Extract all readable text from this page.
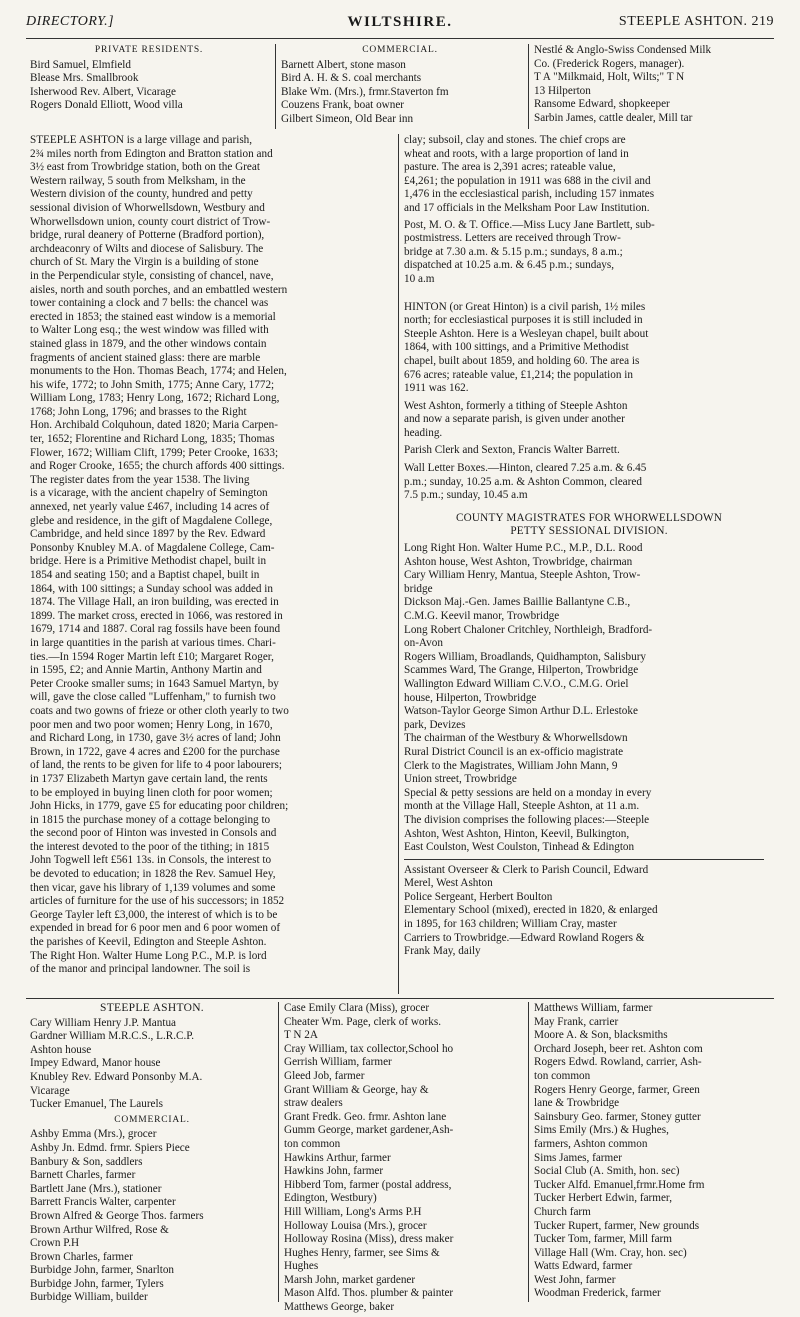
DIRECTORY.]	WILTSHIRE.	STEEPLE ASHTON. 219
PRIVATE RESIDENTS.

Bird Samuel, Elmfield

Blease Mrs. Smallbrook

Isherwood Rev. Albert, Vicarage

Rogers Donald Elliott, Wood villa

COMMERCIAL.

Barnett Albert, stone mason

Bird A. H. & S. coal merchants

Blake Wm. (Mrs.), frmr.Staverton fm

Couzens Frank, boat owner

Gilbert Simeon, Old Bear inn

Nestlé & Anglo-Swiss Condensed Milk

Co. (Frederick Rogers, manager).

T A "Milkmaid, Holt, Wilts;" T N

13 Hilperton

Ransome Edward, shopkeeper

Sarbin James, cattle dealer, Mill tar

STEEPLE ASHTON is a large village and parish,

2¾ miles north from Edington and Bratton station and

3½ east from Trowbridge station, both on the Great

Western railway, 5 south from Melksham, in the

Western division of the county, hundred and petty

sessional division of Whorwellsdown, Westbury and

Whorwellsdown union, county court district of Trow-

bridge, rural deanery of Potterne (Bradford portion),

archdeaconry of Wilts and diocese of Salisbury. The

church of St. Mary the Virgin is a building of stone

in the Perpendicular style, consisting of chancel, nave,

aisles, north and south porches, and an embattled western

tower containing a clock and 7 bells: the chancel was

erected in 1853; the stained east window is a memorial

to Walter Long esq.; the west window was filled with

stained glass in 1879, and the other windows contain

fragments of ancient stained glass: there are marble

monuments to the Hon. Thomas Beach, 1774; and Helen,

his wife, 1772; to John Smith, 1775; Anne Cary, 1772;

William Long, 1783; Henry Long, 1672; Richard Long,

1768; John Long, 1796; and brasses to the Right

Hon. Archibald Colquhoun, dated 1820; Maria Carpen-

ter, 1652; Florentine and Richard Long, 1835; Thomas

Flower, 1672; William Clift, 1799; Peter Crooke, 1633;

and Roger Crooke, 1655; the church affords 400 sittings.

The register dates from the year 1538. The living

is a vicarage, with the ancient chapelry of Semington

annexed, net yearly value £467, including 14 acres of

glebe and residence, in the gift of Magdalene College,

Cambridge, and held since 1897 by the Rev. Edward

Ponsonby Knubley M.A. of Magdalene College, Cam-

bridge. Here is a Primitive Methodist chapel, built in

1854 and seating 150; and a Baptist chapel, built in

1864, with 100 sittings; a Sunday school was added in

1874. The Village Hall, an iron building, was erected in

1899. The market cross, erected in 1066, was restored in

1679, 1714 and 1887. Coral rag fossils have been found

in large quantities in the parish at various times. Chari-

ties.—In 1594 Roger Martin left £10; Margaret Roger,

in 1595, £2; and Annie Martin, Anthony Martin and

Peter Crooke smaller sums; in 1643 Samuel Martyn, by

will, gave the close called "Luffenham," to furnish two

coats and two gowns of frieze or other cloth yearly to two

poor men and two poor women; Henry Long, in 1670,

and Richard Long, in 1730, gave 3½ acres of land; John

Brown, in 1722, gave 4 acres and £200 for the purchase

of land, the rents to be given for life to 4 poor labourers;

in 1737 Elizabeth Martyn gave certain land, the rents

to be employed in buying linen cloth for poor women;

John Hicks, in 1779, gave £5 for educating poor children;

in 1815 the purchase money of a cottage belonging to

the second poor of Hinton was invested in Consols and

the interest devoted to the poor of the tithing; in 1815

John Togwell left £561 13s. in Consols, the interest to

be devoted to education; in 1828 the Rev. Samuel Hey,

then vicar, gave his library of 1,139 volumes and some

articles of furniture for the use of his successors; in 1852

George Tayler left £3,000, the interest of which is to be

expended in bread for 6 poor men and 6 poor women of

the parishes of Keevil, Edington and Steeple Ashton.

The Right Hon. Walter Hume Long P.C., M.P. is lord

of the manor and principal landowner. The soil is

clay; subsoil, clay and stones. The chief crops are

wheat and roots, with a large proportion of land in

pasture. The area is 2,391 acres; rateable value,

£4,261; the population in 1911 was 688 in the civil and

1,476 in the ecclesiastical parish, including 157 inmates

and 17 officials in the Melksham Poor Law Institution.

Post, M. O. & T. Office.—Miss Lucy Jane Bartlett, sub-

postmistress. Letters are received through Trow-

bridge at 7.30 a.m. & 5.15 p.m.; sundays, 8 a.m.;

dispatched at 10.25 a.m. & 6.45 p.m.; sundays,

10 a.m

HINTON (or Great Hinton) is a civil parish, 1½ miles

north; for ecclesiastical purposes it is still included in

Steeple Ashton. Here is a Wesleyan chapel, built about

1864, with 100 sittings, and a Primitive Methodist

chapel, built about 1859, and holding 60. The area is

676 acres; rateable value, £1,214; the population in

1911 was 162.

West Ashton, formerly a tithing of Steeple Ashton

and now a separate parish, is given under another

heading.

Parish Clerk and Sexton, Francis Walter Barrett.

Wall Letter Boxes.—Hinton, cleared 7.25 a.m. & 6.45

p.m.; sunday, 10.25 a.m. & Ashton Common, cleared

7.5 p.m.; sunday, 10.45 a.m

COUNTY MAGISTRATES FOR WHORWELLSDOWN
PETTY SESSIONAL DIVISION.

Long Right Hon. Walter Hume P.C., M.P., D.L. Rood

Ashton house, West Ashton, Trowbridge, chairman

Cary William Henry, Mantua, Steeple Ashton, Trow-

bridge

Dickson Maj.-Gen. James Baillie Ballantyne C.B.,

C.M.G. Keevil manor, Trowbridge

Long Robert Chaloner Critchley, Northleigh, Bradford-

on-Avon

Rogers William, Broadlands, Quidhampton, Salisbury

Scammes Ward, The Grange, Hilperton, Trowbridge

Wallington Edward William C.V.O., C.M.G. Oriel

house, Hilperton, Trowbridge

Watson-Taylor George Simon Arthur D.L. Erlestoke

park, Devizes

The chairman of the Westbury & Whorwellsdown

Rural District Council is an ex-officio magistrate

Clerk to the Magistrates, William John Mann, 9

Union street, Trowbridge

Special & petty sessions are held on a monday in every

month at the Village Hall, Steeple Ashton, at 11 a.m.

The division comprises the following places:—Steeple

Ashton, West Ashton, Hinton, Keevil, Bulkington,

East Coulston, West Coulston, Tinhead & Edington

Assistant Overseer & Clerk to Parish Council, Edward

Merel, West Ashton

Police Sergeant, Herbert Boulton

Elementary School (mixed), erected in 1820, & enlarged

in 1895, for 163 children; William Cray, master

Carriers to Trowbridge.—Edward Rowland Rogers &

Frank May, daily

STEEPLE ASHTON.

Cary William Henry J.P. Mantua

Gardner William M.R.C.S., L.R.C.P.

Ashton house

Impey Edward, Manor house

Knubley Rev. Edward Ponsonby M.A.

Vicarage

Tucker Emanuel, The Laurels

COMMERCIAL.

Ashby Emma (Mrs.), grocer

Ashby Jn. Edmd. frmr. Spiers Piece

Banbury & Son, saddlers

Barnett Charles, farmer

Bartlett Jane (Mrs.), stationer

Barrett Francis Walter, carpenter

Brown Alfred & George Thos. farmers

Brown Arthur Wilfred, Rose &

Crown P.H

Brown Charles, farmer

Burbidge John, farmer, Snarlton

Burbidge John, farmer, Tylers

Burbidge William, builder

Case Emily Clara (Miss), grocer

Cheater Wm. Page, clerk of works.

T N 2A

Cray William, tax collector,School ho

Gerrish William, farmer

Gleed Job, farmer

Grant William & George, hay &

straw dealers

Grant Fredk. Geo. frmr. Ashton lane

Gumm George, market gardener,Ash-

ton common

Hawkins Arthur, farmer

Hawkins John, farmer

Hibberd Tom, farmer (postal address,

Edington, Westbury)

Hill William, Long's Arms P.H

Holloway Louisa (Mrs.), grocer

Holloway Rosina (Miss), dress maker

Hughes Henry, farmer, see Sims &

Hughes

Marsh John, market gardener

Mason Alfd. Thos. plumber & painter

Matthews George, baker

Matthews William, farmer

May Frank, carrier

Moore A. & Son, blacksmiths

Orchard Joseph, beer ret. Ashton com

Rogers Edwd. Rowland, carrier, Ash-

ton common

Rogers Henry George, farmer, Green

lane & Trowbridge

Sainsbury Geo. farmer, Stoney gutter

Sims Emily (Mrs.) & Hughes,

farmers, Ashton common

Sims James, farmer

Social Club (A. Smith, hon. sec)

Tucker Alfd. Emanuel,frmr.Home frm

Tucker Herbert Edwin, farmer,

Church farm

Tucker Rupert, farmer, New grounds

Tucker Tom, farmer, Mill farm

Village Hall (Wm. Cray, hon. sec)

Watts Edward, farmer

West John, farmer

Woodman Frederick, farmer
